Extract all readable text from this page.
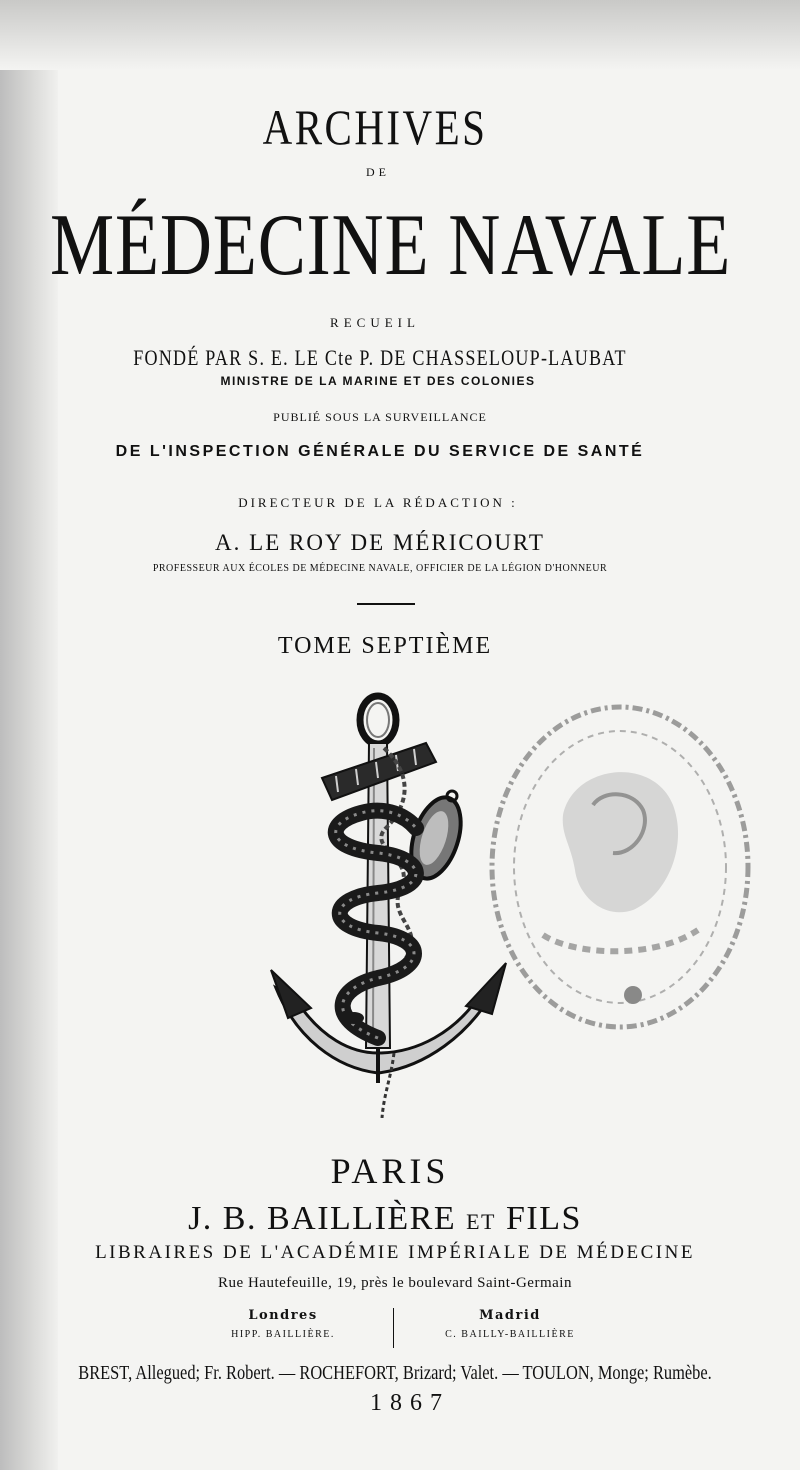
ARCHIVES
DE
MÉDECINE NAVALE
RECUEIL
FONDÉ PAR S. E. LE Cte P. DE CHASSELOUP-LAUBAT
MINISTRE DE LA MARINE ET DES COLONIES
PUBLIÉ SOUS LA SURVEILLANCE
DE L'INSPECTION GÉNÉRALE DU SERVICE DE SANTÉ
DIRECTEUR DE LA RÉDACTION :
A. LE ROY DE MÉRICOURT
PROFESSEUR AUX ÉCOLES DE MÉDECINE NAVALE, OFFICIER DE LA LÉGION D'HONNEUR
TOME SEPTIÈME
PARIS
J. B. BAILLIÈRE ET FILS
LIBRAIRES DE L'ACADÉMIE IMPÉRIALE DE MÉDECINE
Rue Hautefeuille, 19, près le boulevard Saint-Germain
Londres
HIPP. BAILLIÈRE.
Madrid
C. BAILLY-BAILLIÈRE
BREST, Allegued; Fr. Robert. — ROCHEFORT, Brizard; Valet. — TOULON, Monge; Rumèbe.
1867
